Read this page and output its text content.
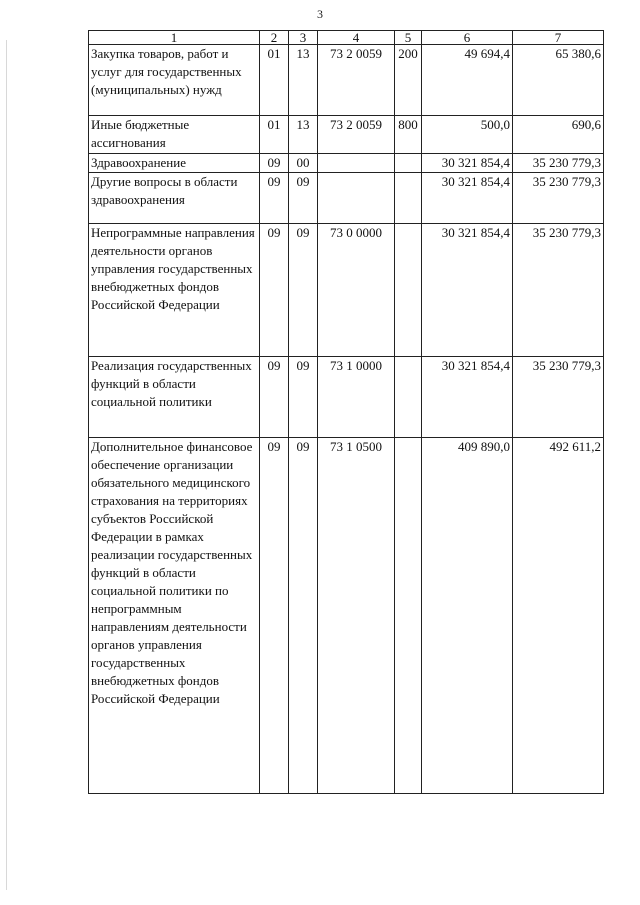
3
1	2	3	4	5	6	7
Закупка товаров, работ и услуг для государственных (муниципальных) нужд	01	13	73 2 0059	200	49 694,4	65 380,6
Иные бюджетные ассигнования	01	13	73 2 0059	800	500,0	690,6
Здравоохранение	09	00			30 321 854,4	35 230 779,3
Другие вопросы в области здравоохранения	09	09			30 321 854,4	35 230 779,3
Непрограммные направления деятельности органов управления государственных внебюджетных фондов Российской Федерации	09	09	73 0 0000		30 321 854,4	35 230 779,3
Реализация государственных функций в области социальной политики	09	09	73 1 0000		30 321 854,4	35 230 779,3
Дополнительное финансовое обеспечение организации обязательного медицинского страхования на территориях субъектов Российской Федерации в рамках реализации государственных функций в области социальной политики по непрограммным направлениям деятельности органов управления государственных внебюджетных фондов Российской Федерации	09	09	73 1 0500		409 890,0	492 611,2
